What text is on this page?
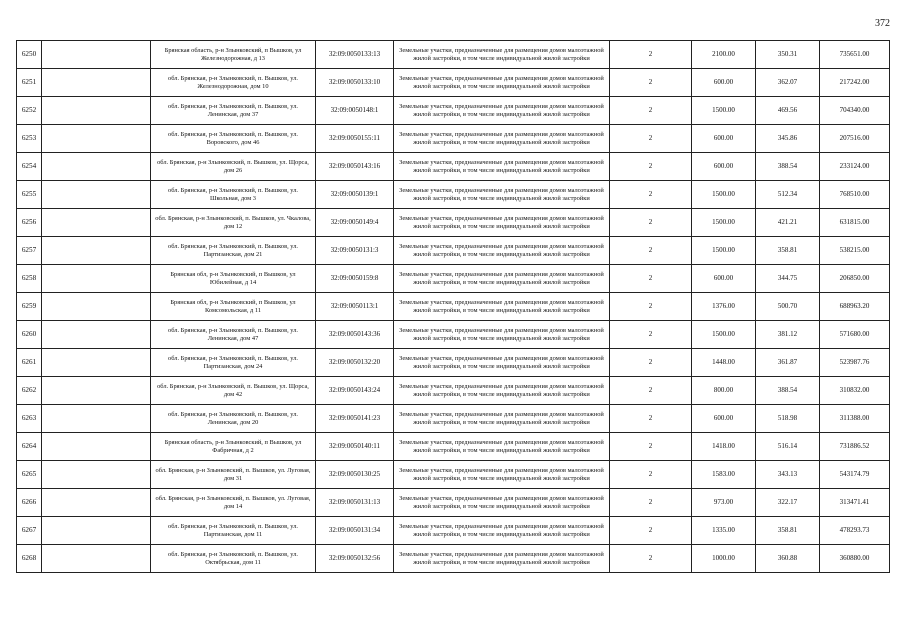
372
6250		Брянская область, р-н Злынковский, п Вышков, ул Железнодорожная, д 13	32:09:0050133:13	Земельные участки, предназначенные для размещения домов малоэтажной жилой застройки, в том числе индивидуальной жилой застройки	2	2100.00	350.31	735651.00
6251		обл. Брянская, р-н Злынковский, п. Вышков, ул. Железнодорожная, дом 10	32:09:0050133:10	Земельные участки, предназначенные для размещения домов малоэтажной жилой застройки, в том числе индивидуальной жилой застройки	2	600.00	362.07	217242.00
6252		обл. Брянская, р-н Злынковский, п. Вышков, ул. Ленинская, дом 37	32:09:0050148:1	Земельные участки, предназначенные для размещения домов малоэтажной жилой застройки, в том числе индивидуальной жилой застройки	2	1500.00	469.56	704340.00
6253		обл. Брянская, р-н Злынковский, п. Вышков, ул. Воровского, дом 46	32:09:0050155:11	Земельные участки, предназначенные для размещения домов малоэтажной жилой застройки, в том числе индивидуальной жилой застройки	2	600.00	345.86	207516.00
6254		обл. Брянская, р-н Злынковский, п. Вышков, ул. Щорса, дом 26	32:09:0050143:16	Земельные участки, предназначенные для размещения домов малоэтажной жилой застройки, в том числе индивидуальной жилой застройки	2	600.00	388.54	233124.00
6255		обл. Брянская, р-н Злынковский, п. Вышков, ул. Школьная, дом 3	32:09:0050139:1	Земельные участки, предназначенные для размещения домов малоэтажной жилой застройки, в том числе индивидуальной жилой застройки	2	1500.00	512.34	768510.00
6256		обл. Брянская, р-н Злынковский, п. Вышков, ул. Чкалова, дом 12	32:09:0050149:4	Земельные участки, предназначенные для размещения домов малоэтажной жилой застройки, в том числе индивидуальной жилой застройки	2	1500.00	421.21	631815.00
6257		обл. Брянская, р-н Злынковский, п. Вышков, ул. Партизанская, дом 21	32:09:0050131:3	Земельные участки, предназначенные для размещения домов малоэтажной жилой застройки, в том числе индивидуальной жилой застройки	2	1500.00	358.81	538215.00
6258		Брянская обл, р-н Злынковский, п Вышков, ул Юбилейная, д 14	32:09:0050159:8	Земельные участки, предназначенные для размещения домов малоэтажной жилой застройки, в том числе индивидуальной жилой застройки	2	600.00	344.75	206850.00
6259		Брянская обл, р-н Злынковский, п Вышков, ул Комсомольская, д 11	32:09:0050113:1	Земельные участки, предназначенные для размещения домов малоэтажной жилой застройки, в том числе индивидуальной жилой застройки	2	1376.00	500.70	688963.20
6260		обл. Брянская, р-н Злынковский, п. Вышков, ул. Ленинская, дом 47	32:09:0050143:36	Земельные участки, предназначенные для размещения домов малоэтажной жилой застройки, в том числе индивидуальной жилой застройки	2	1500.00	381.12	571680.00
6261		обл. Брянская, р-н Злынковский, п. Вышков, ул. Партизанская, дом 24	32:09:0050132:20	Земельные участки, предназначенные для размещения домов малоэтажной жилой застройки, в том числе индивидуальной жилой застройки	2	1448.00	361.87	523987.76
6262		обл. Брянская, р-н Злынковский, п. Вышков, ул. Щорса, дом 42	32:09:0050143:24	Земельные участки, предназначенные для размещения домов малоэтажной жилой застройки, в том числе индивидуальной жилой застройки	2	800.00	388.54	310832.00
6263		обл. Брянская, р-н Злынковский, п. Вышков, ул. Ленинская, дом 20	32:09:0050141:23	Земельные участки, предназначенные для размещения домов малоэтажной жилой застройки, в том числе индивидуальной жилой застройки	2	600.00	518.98	311388.00
6264		Брянская область, р-н Злынковский, п Вышков, ул Фабричная, д 2	32:09:0050140:11	Земельные участки, предназначенные для размещения домов малоэтажной жилой застройки, в том числе индивидуальной жилой застройки	2	1418.00	516.14	731886.52
6265		обл. Брянская, р-н Злынковский, п. Вышков, ул. Луговая, дом 31	32:09:0050130:25	Земельные участки, предназначенные для размещения домов малоэтажной жилой застройки, в том числе индивидуальной жилой застройки	2	1583.00	343.13	543174.79
6266		обл. Брянская, р-н Злынковский, п. Вышков, ул. Луговая, дом 14	32:09:0050131:13	Земельные участки, предназначенные для размещения домов малоэтажной жилой застройки, в том числе индивидуальной жилой застройки	2	973.00	322.17	313471.41
6267		обл. Брянская, р-н Злынковский, п. Вышков, ул. Партизанская, дом 11	32:09:0050131:34	Земельные участки, предназначенные для размещения домов малоэтажной жилой застройки, в том числе индивидуальной жилой застройки	2	1335.00	358.81	478293.73
6268		обл. Брянская, р-н Злынковский, п. Вышков, ул. Октябрьская, дом 11	32:09:0050132:56	Земельные участки, предназначенные для размещения домов малоэтажной жилой застройки, в том числе индивидуальной жилой застройки	2	1000.00	360.88	360880.00
